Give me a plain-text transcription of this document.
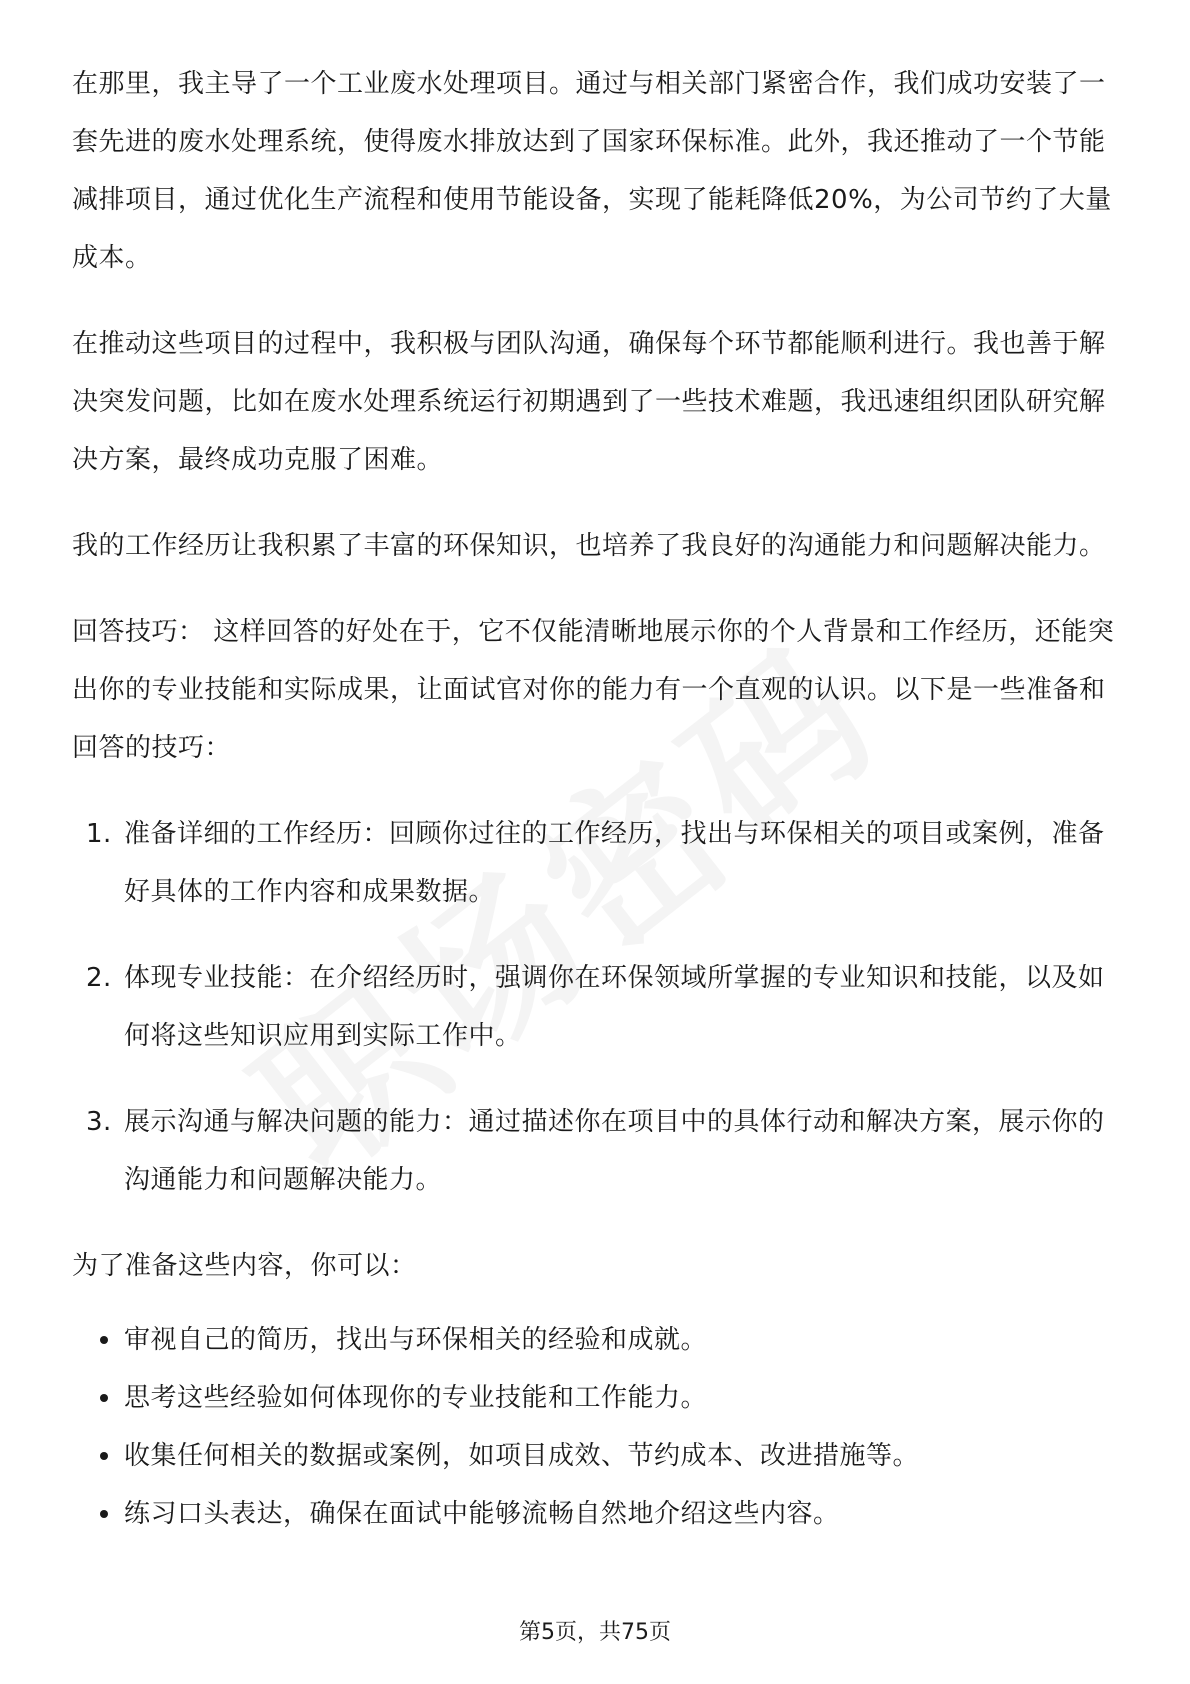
在那里，我主导了一个工业废水处理项目。通过与相关部门紧密合作，我们成功安装了一套先进的废水处理系统，使得废水排放达到了国家环保标准。此外，我还推动了一个节能减排项目，通过优化生产流程和使用节能设备，实现了能耗降低20%，为公司节约了大量成本。

在推动这些项目的过程中，我积极与团队沟通，确保每个环节都能顺利进行。我也善于解决突发问题，比如在废水处理系统运行初期遇到了一些技术难题，我迅速组织团队研究解决方案，最终成功克服了困难。

我的工作经历让我积累了丰富的环保知识，也培养了我良好的沟通能力和问题解决能力。

回答技巧： 这样回答的好处在于，它不仅能清晰地展示你的个人背景和工作经历，还能突出你的专业技能和实际成果，让面试官对你的能力有一个直观的认识。以下是一些准备和回答的技巧：

1. 准备详细的工作经历：回顾你过往的工作经历，找出与环保相关的项目或案例，准备好具体的工作内容和成果数据。
2. 体现专业技能：在介绍经历时，强调你在环保领域所掌握的专业知识和技能，以及如何将这些知识应用到实际工作中。
3. 展示沟通与解决问题的能力：通过描述你在项目中的具体行动和解决方案，展示你的沟通能力和问题解决能力。

为了准备这些内容，你可以：

审视自己的简历，找出与环保相关的经验和成就。
思考这些经验如何体现你的专业技能和工作能力。
收集任何相关的数据或案例，如项目成效、节约成本、改进措施等。
练习口头表达，确保在面试中能够流畅自然地介绍这些内容。
第5页，共75页
